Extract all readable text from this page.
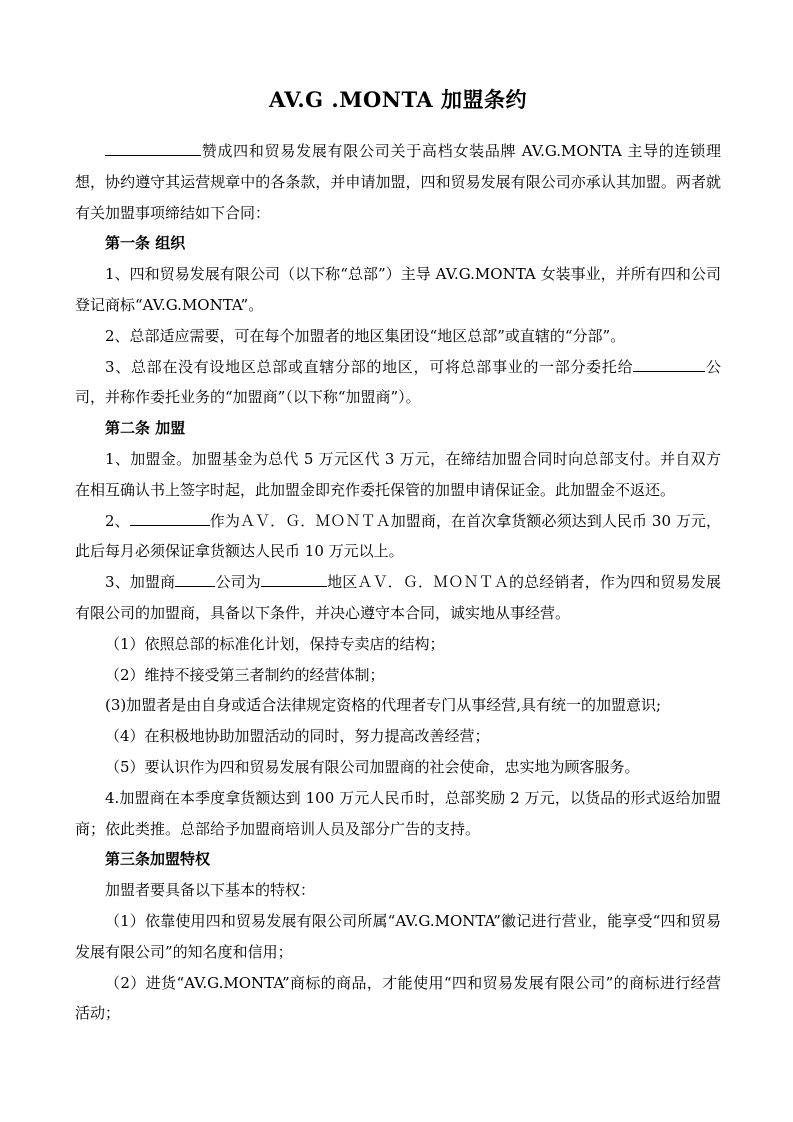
AV.G .MONTA 加盟条约

赞成四和贸易发展有限公司关于高档女装品牌 AV.G.MONTA 主导的连锁理想，协约遵守其运营规章中的各条款，并申请加盟，四和贸易发展有限公司亦承认其加盟。两者就有关加盟事项缔结如下合同：

第一条 组织

1、四和贸易发展有限公司（以下称“总部”）主导 AV.G.MONTA 女装事业，并所有四和公司登记商标“AV.G.MONTA”。

2、总部适应需要，可在每个加盟者的地区集团设“地区总部”或直辖的“分部”。

3、总部在没有设地区总部或直辖分部的地区，可将总部事业的一部分委托给	公司，并称作委托业务的“加盟商”（以下称“加盟商”）。

第二条 加盟

1、加盟金。加盟基金为总代 5 万元区代 3 万元，在缔结加盟合同时向总部支付。并自双方在相互确认书上签字时起，此加盟金即充作委托保管的加盟申请保证金。此加盟金不返还。

2、	作为ＡＶ．Ｇ．ＭＯＮＴＡ加盟商，在首次拿货额必须达到人民币 30 万元，此后每月必须保证拿货额达人民币 10 万元以上。

3、加盟商	公司为	地区ＡＶ．Ｇ．ＭＯＮＴＡ的总经销者，作为四和贸易发展有限公司的加盟商，具备以下条件，并决心遵守本合同，诚实地从事经营。

（1）依照总部的标准化计划，保持专卖店的结构；

（2）维持不接受第三者制约的经营体制；

(3)加盟者是由自身或适合法律规定资格的代理者专门从事经营,具有统一的加盟意识;

（4）在积极地协助加盟活动的同时，努力提高改善经营；

（5）要认识作为四和贸易发展有限公司加盟商的社会使命，忠实地为顾客服务。

4.加盟商在本季度拿货额达到 100 万元人民币时，总部奖励 2 万元，以货品的形式返给加盟商；依此类推。总部给予加盟商培训人员及部分广告的支持。

第三条加盟特权

加盟者要具备以下基本的特权：

（1）依靠使用四和贸易发展有限公司所属“AV.G.MONTA”徽记进行营业，能享受“四和贸易发展有限公司”的知名度和信用；

（2）进货“AV.G.MONTA”商标的商品，才能使用“四和贸易发展有限公司”的商标进行经营活动；
